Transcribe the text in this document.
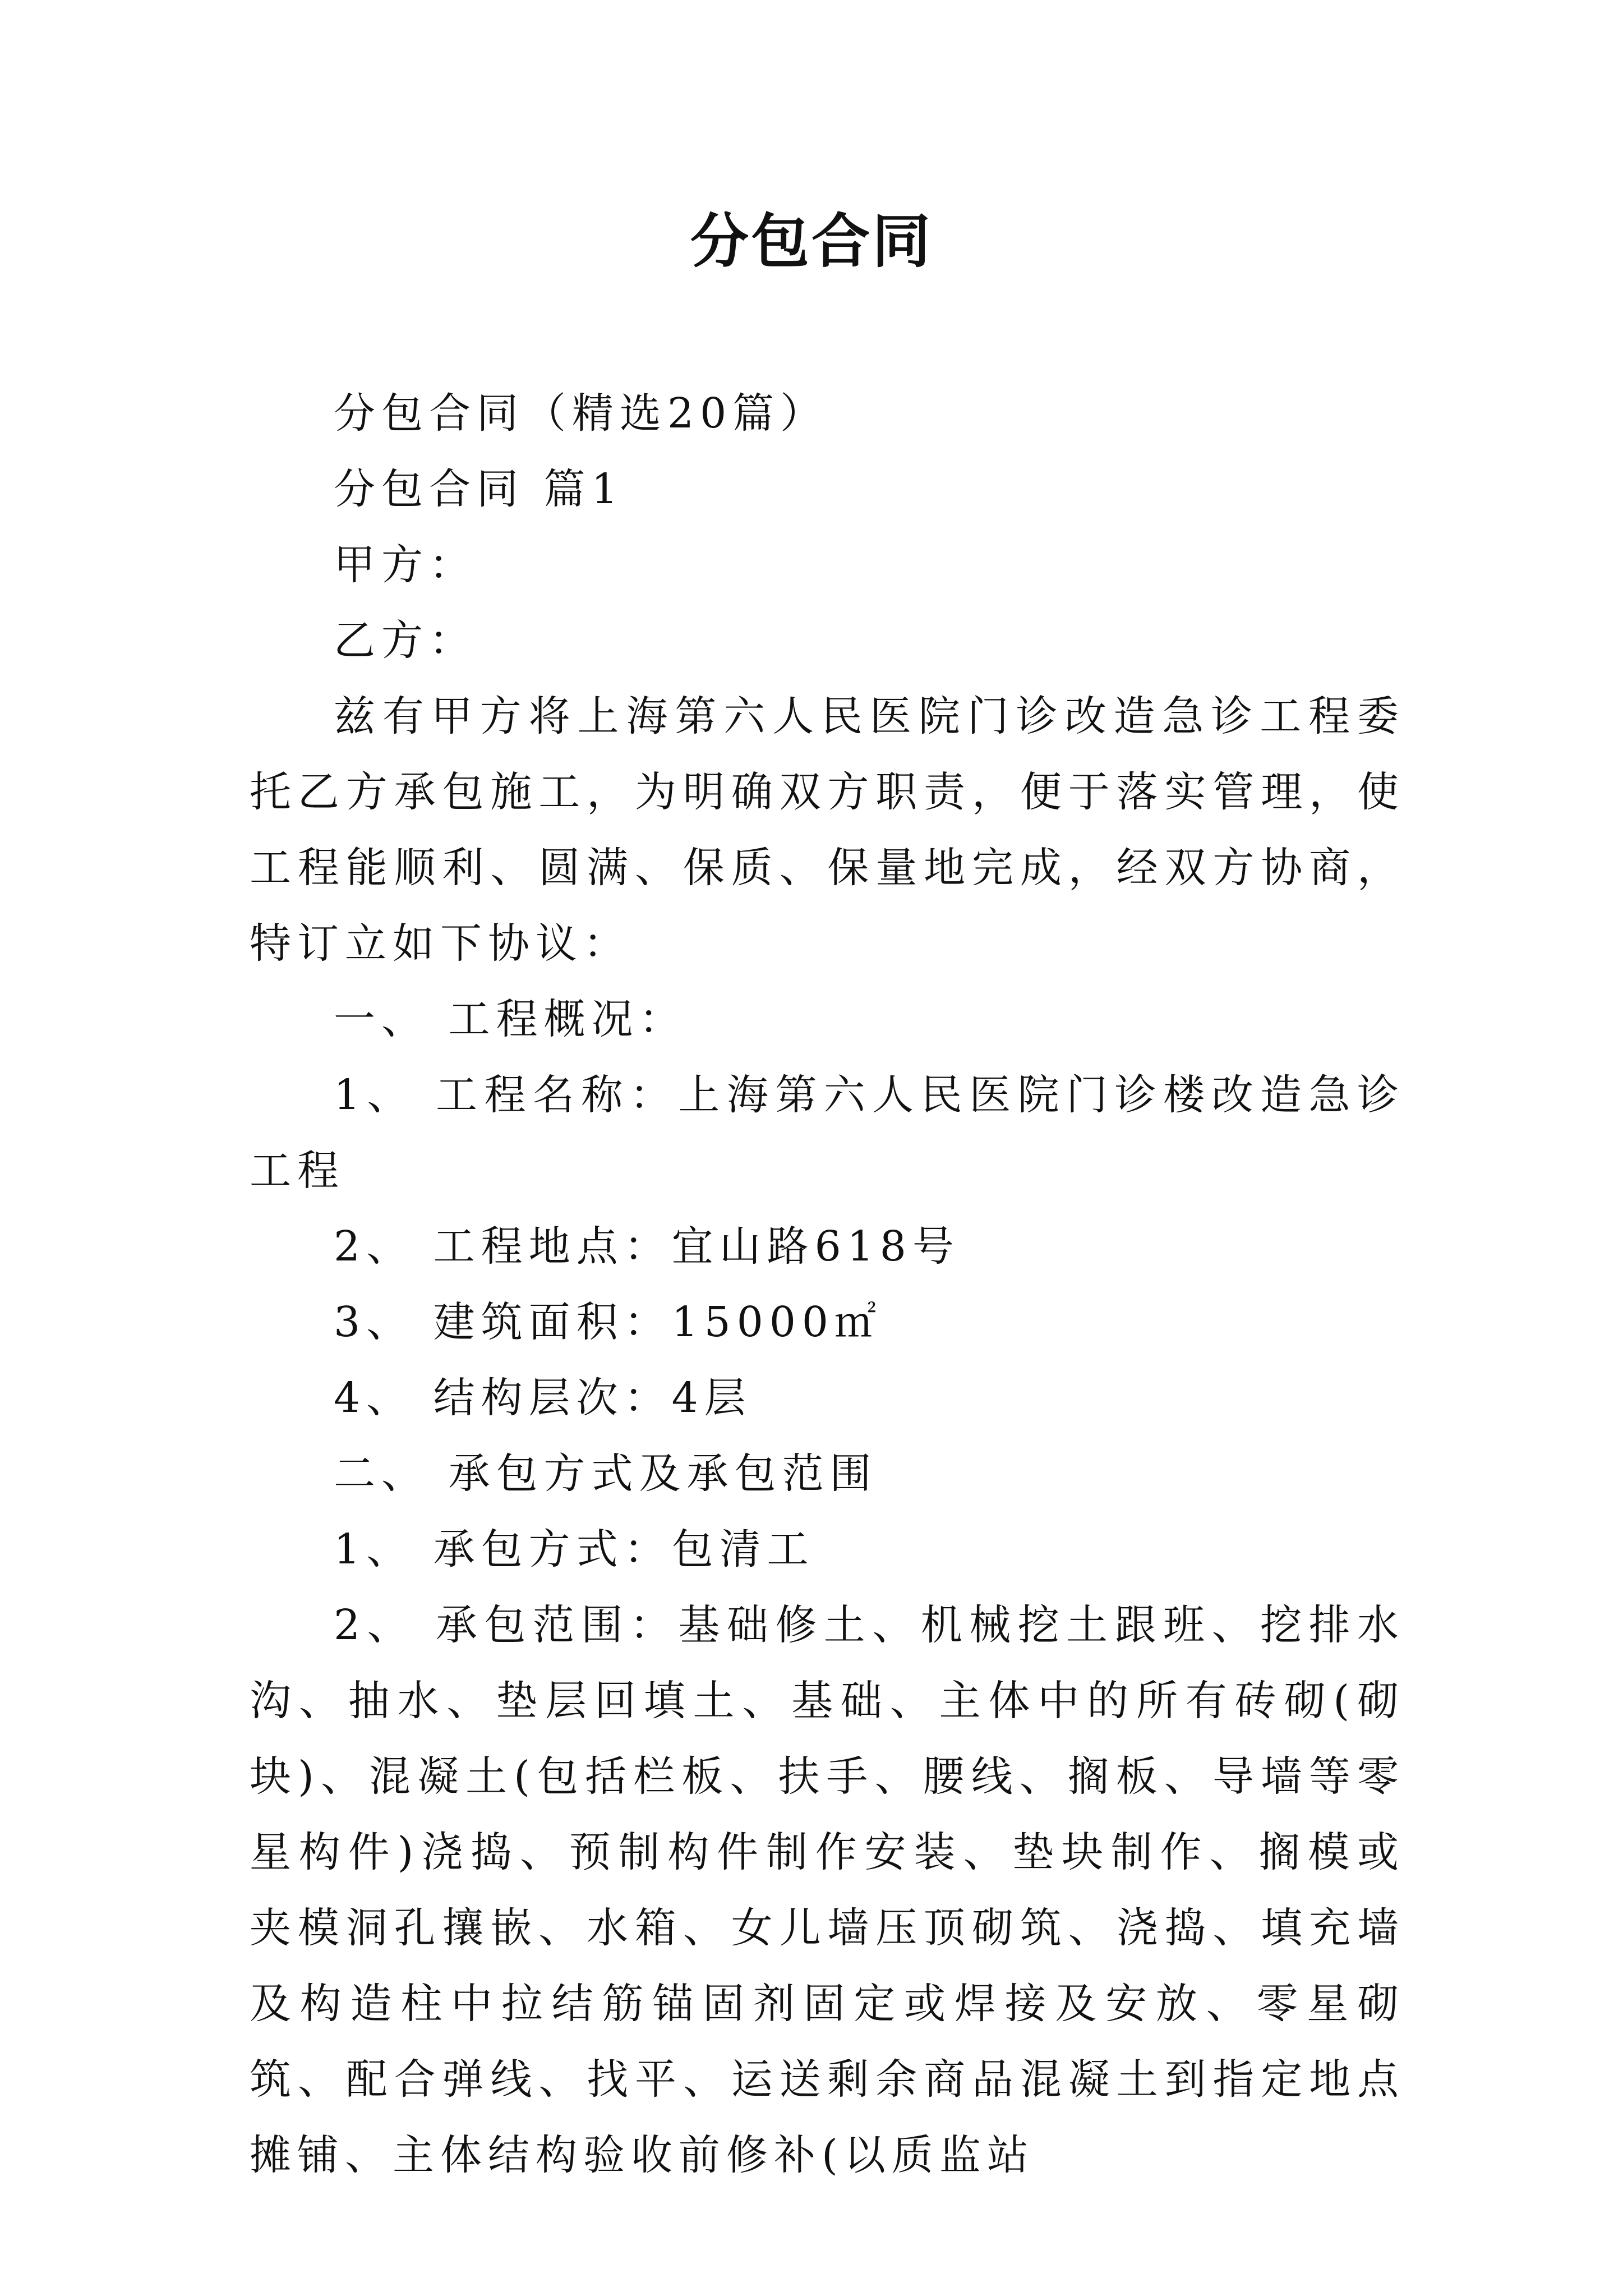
分包合同

分包合同（精选20篇）

分包合同 篇1

甲方：

乙方：

兹有甲方将上海第六人民医院门诊改造急诊工程委托乙方承包施工，为明确双方职责，便于落实管理，使工程能顺利、圆满、保质、保量地完成，经双方协商，特订立如下协议：

一、 工程概况：

1、 工程名称：上海第六人民医院门诊楼改造急诊工程

2、 工程地点：宜山路618号

3、 建筑面积：15000㎡

4、 结构层次：4层

二、 承包方式及承包范围

1、 承包方式：包清工

2、 承包范围：基础修土、机械挖土跟班、挖排水沟、抽水、垫层回填土、基础、主体中的所有砖砌(砌块)、混凝土(包括栏板、扶手、腰线、搁板、导墙等零星构件)浇捣、预制构件制作安装、垫块制作、搁模或夹模洞孔攘嵌、水箱、女儿墙压顶砌筑、浇捣、填充墙及构造柱中拉结筋锚固剂固定或焊接及安放、零星砌筑、配合弹线、找平、运送剩余商品混凝土到指定地点摊铺、主体结构验收前修补(以质监站
